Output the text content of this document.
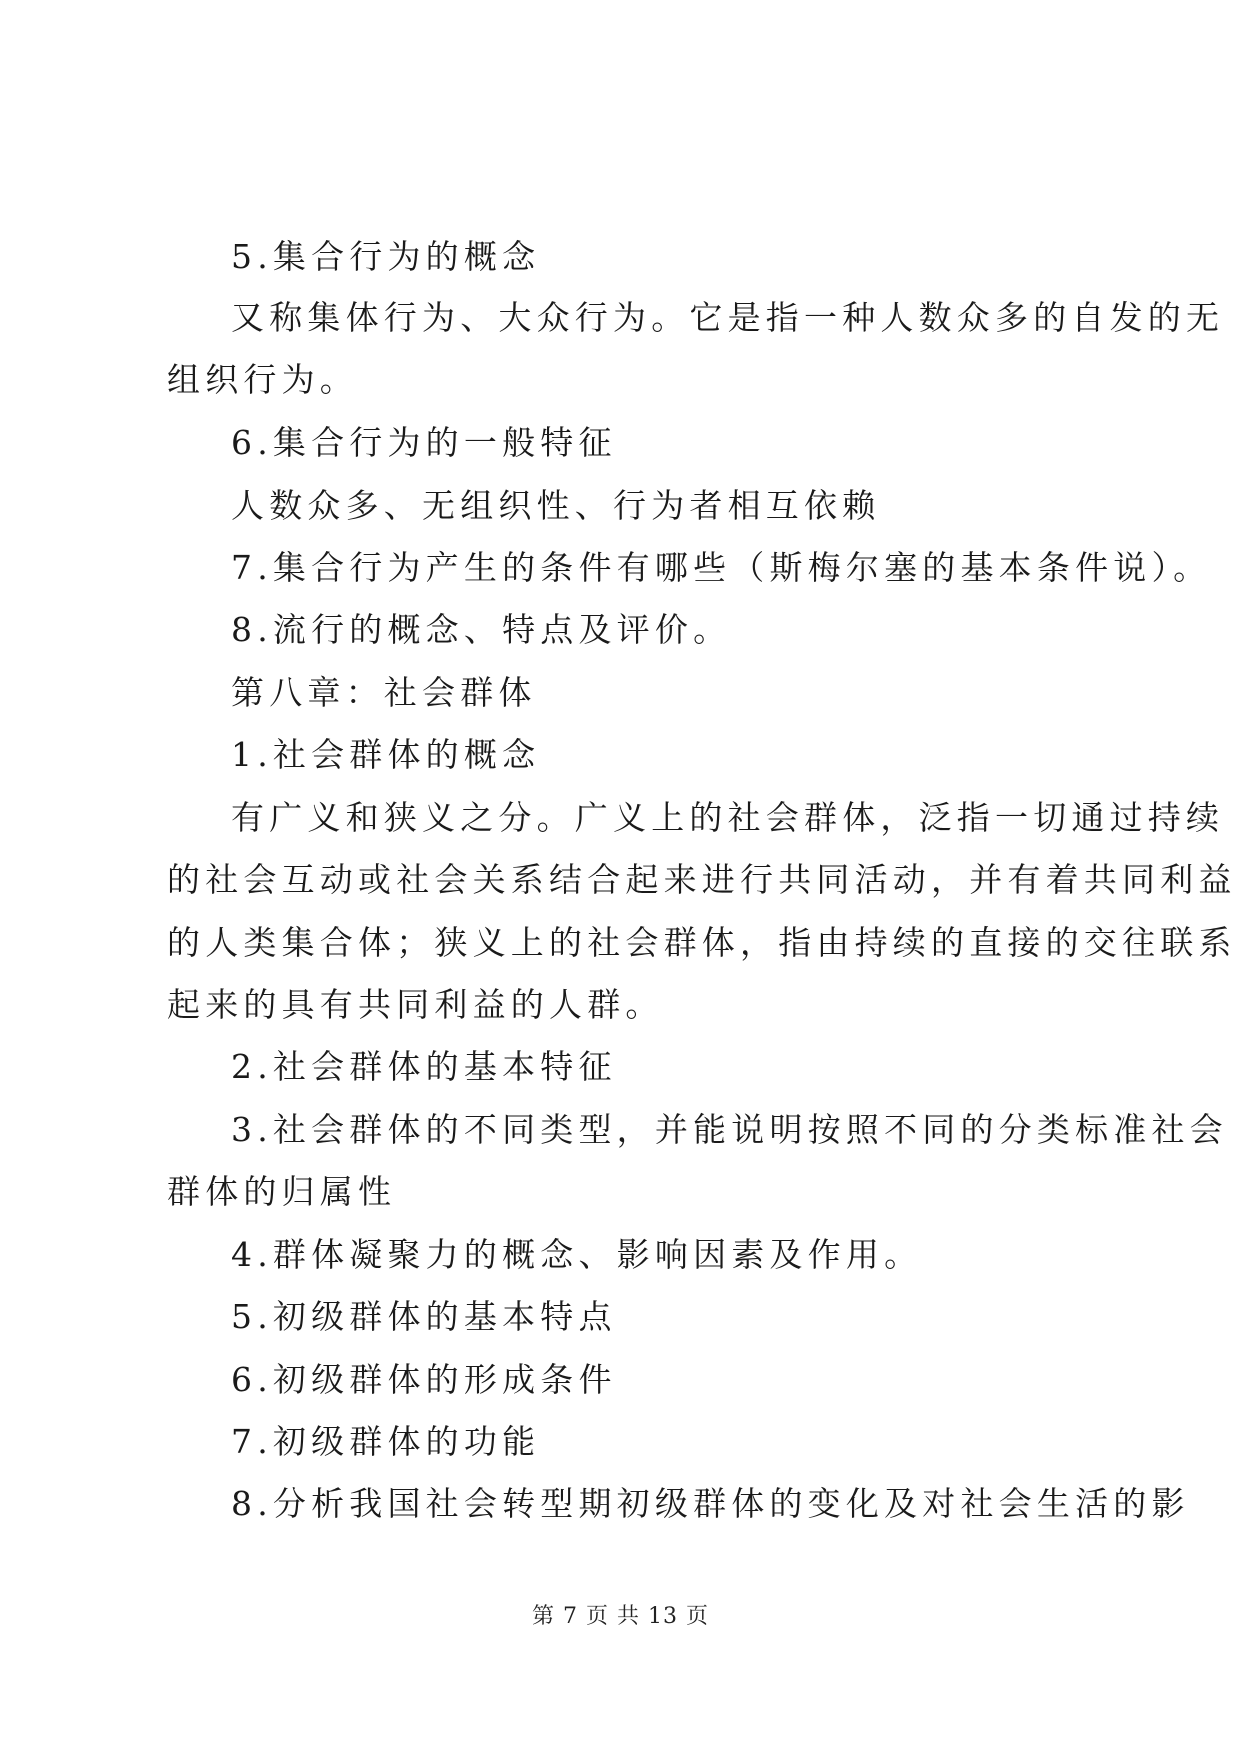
5.集合行为的概念
又称集体行为、大众行为。它是指一种人数众多的自发的无
组织行为。
6.集合行为的一般特征
人数众多、无组织性、行为者相互依赖
7.集合行为产生的条件有哪些（斯梅尔塞的基本条件说）。
8.流行的概念、特点及评价。
第八章：社会群体
1.社会群体的概念
有广义和狭义之分。广义上的社会群体，泛指一切通过持续
的社会互动或社会关系结合起来进行共同活动，并有着共同利益
的人类集合体；狭义上的社会群体，指由持续的直接的交往联系
起来的具有共同利益的人群。
2.社会群体的基本特征
3.社会群体的不同类型，并能说明按照不同的分类标准社会
群体的归属性
4.群体凝聚力的概念、影响因素及作用。
5.初级群体的基本特点
6.初级群体的形成条件
7.初级群体的功能
8.分析我国社会转型期初级群体的变化及对社会生活的影
第 7 页 共 13 页
